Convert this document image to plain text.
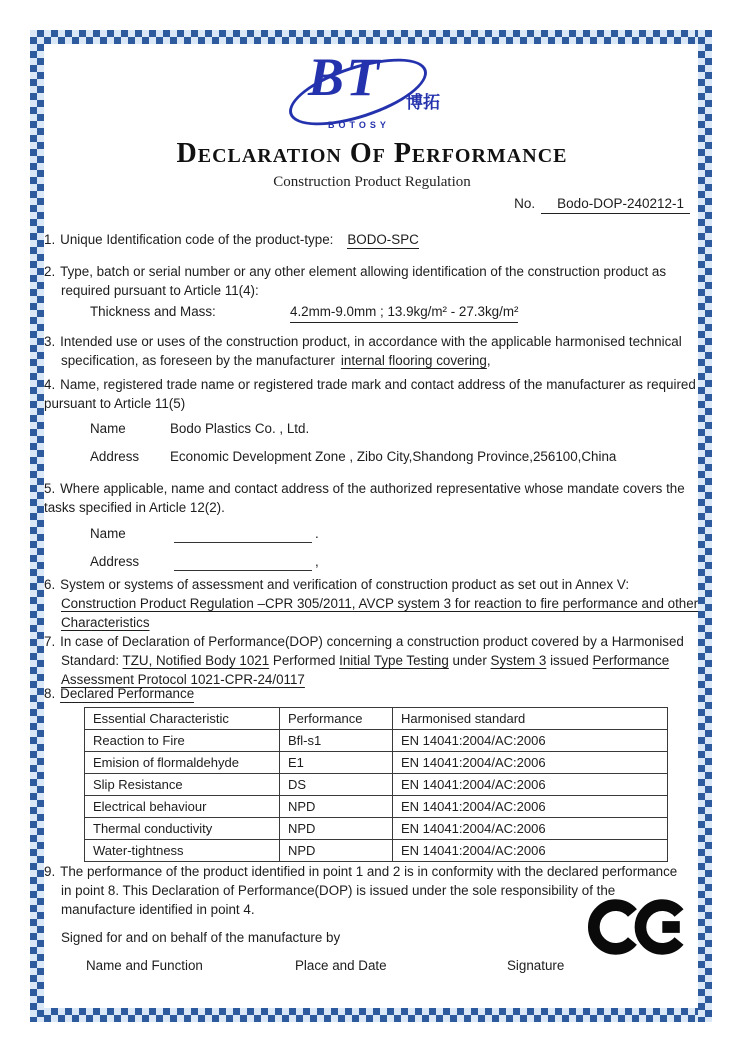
BT 博拓
BOTOSY
Declaration Of Performance
Construction Product Regulation
No. Bodo-DOP-240212-1

1. Unique Identification code of the product-type: BODO-SPC

2. Type, batch or serial number or any other element allowing identification of the construction product as required pursuant to Article 11(4):

Thickness and Mass:	4.2mm-9.0mm ; 13.9kg/m² - 27.3kg/m²

3. Intended use or uses of the construction product, in accordance with the applicable harmonised technical specification, as foreseen by the manufacturer internal flooring covering,

4. Name, registered trade name or registered trade mark and contact address of the manufacturer as required pursuant to Article 11(5)

Name	Bodo Plastics Co. , Ltd.
Address	Economic Development Zone , Zibo City,Shandong Province,256100,China

5. Where applicable, name and contact address of the authorized representative whose mandate covers the tasks specified in Article 12(2).

Name	.
Address	,

6. System or systems of assessment and verification of construction product as set out in Annex V: Construction Product Regulation –CPR 305/2011, AVCP system 3 for reaction to fire performance and other Characteristics

7. In case of Declaration of Performance(DOP) concerning a construction product covered by a Harmonised Standard: TZU, Notified Body 1021 Performed Initial Type Testing under System 3 issued Performance Assessment Protocol 1021-CPR-24/0117

8. Declared Performance

Essential Characteristic	Performance	Harmonised standard
Reaction to Fire	Bfl-s1	EN 14041:2004/AC:2006
Emision of flormaldehyde	E1	EN 14041:2004/AC:2006
Slip Resistance	DS	EN 14041:2004/AC:2006
Electrical behaviour	NPD	EN 14041:2004/AC:2006
Thermal conductivity	NPD	EN 14041:2004/AC:2006
Water-tightness	NPD	EN 14041:2004/AC:2006

9. The performance of the product identified in point 1 and 2 is in conformity with the declared performance in point 8. This Declaration of Performance(DOP) is issued under the sole responsibility of the manufacture identified in point 4.

Signed for and on behalf of the manufacture by

Name and Function	Place and Date	Signature
